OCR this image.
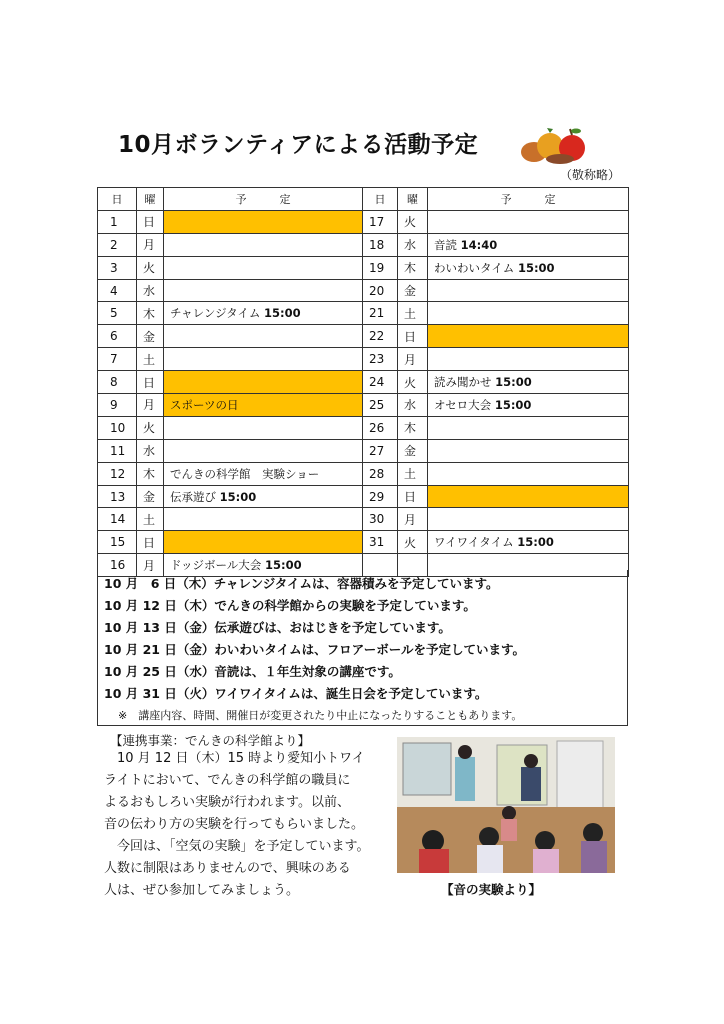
10月ボランティアによる活動予定
（敬称略）
日	曜	予　　　定	日	曜	予　　　定
1	日		17	火	
2	月		18	水	音読 14:40
3	火		19	木	わいわいタイム 15:00
4	水		20	金	
5	木	チャレンジタイム 15:00	21	土	
6	金		22	日	
7	土		23	月	
8	日		24	火	読み聞かせ 15:00
9	月	スポーツの日	25	水	オセロ大会 15:00
10	火		26	木	
11	水		27	金	
12	木	でんきの科学館　実験ショー	28	土	
13	金	伝承遊び 15:00	29	日	
14	土		30	月	
15	日		31	火	ワイワイタイム 15:00
16	月	ドッジボール大会 15:00			
10 月　6 日（木）チャレンジタイムは、容器積みを予定しています。
10 月 12 日（木）でんきの科学館からの実験を予定しています。
10 月 13 日（金）伝承遊びは、おはじきを予定しています。
10 月 21 日（金）わいわいタイムは、フロアーボールを予定しています。
10 月 25 日（水）音読は、１年生対象の講座です。
10 月 31 日（火）ワイワイタイムは、誕生日会を予定しています。
※　講座内容、時間、開催日が変更されたり中止になったりすることもあります。
【連携事業：でんきの科学館より】
　10 月 12 日（木）15 時より愛知小トワイ
ライトにおいて、でんきの科学館の職員に
よるおもしろい実験が行われます。以前、
音の伝わり方の実験を行ってもらいました。
　今回は、「空気の実験」を予定しています。
人数に制限はありませんので、興味のある
人は、ぜひ参加してみましょう。	【音の実験より】
